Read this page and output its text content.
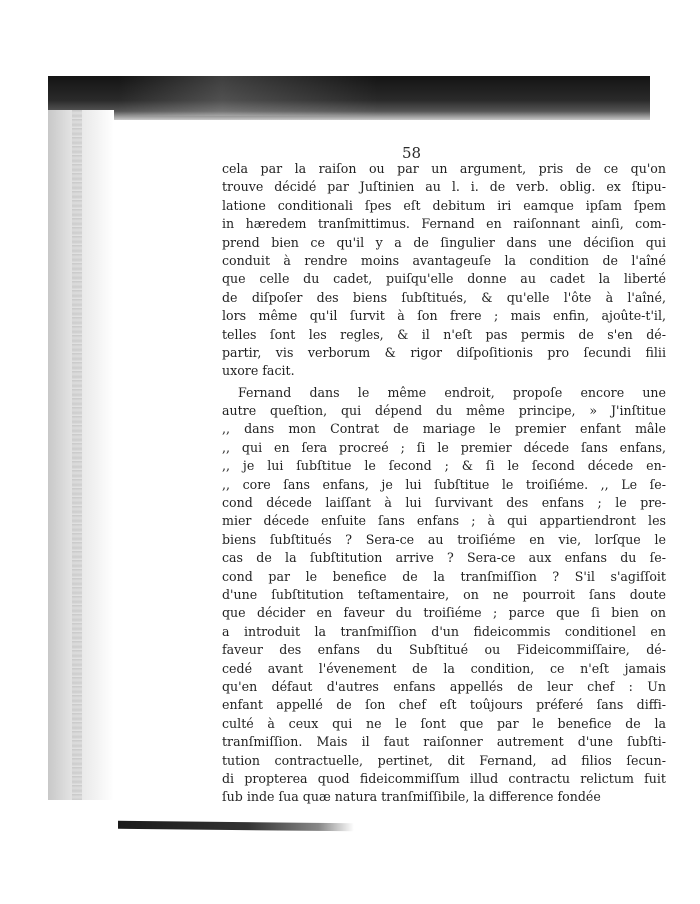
58
cela par la raiſon ou par un argument, pris de ce qu'on
trouve décidé par Juſtinien au l. i. de verb. oblig. ex ſtipu-
latione conditionali ſpes eſt debitum iri eamque ipſam ſpem
in hæredem tranſmittimus. Fernand en raiſonnant ainſi, com-
prend bien ce qu'il y a de ſingulier dans une déciſion qui
conduit à rendre moins avantageuſe la condition de l'aîné
que celle du cadet, puiſqu'elle donne au cadet la liberté
de diſpoſer des biens ſubſtitués, & qu'elle l'ôte à l'aîné,
lors même qu'il ſurvit à ſon frere ; mais enfin, ajoûte-t'il,
telles ſont les regles, & il n'eſt pas permis de s'en dé-
partir, vis verborum & rigor diſpoſitionis pro ſecundi filii
uxore facit.
Fernand dans le même endroit, propoſe encore une
autre queſtion, qui dépend du même principe, » J'inſtitue
,, dans mon Contrat de mariage le premier enfant mâle
,, qui en ſera procreé ; ſi le premier décede ſans enfans,
,, je lui ſubſtitue le ſecond ; & ſi le ſecond décede en-
,, core ſans enfans, je lui ſubſtitue le troiſiéme. ,, Le ſe-
cond décede laiſſant à lui ſurvivant des enfans ; le pre-
mier décede enſuite ſans enfans ; à qui appartiendront les
biens ſubſtitués ? Sera-ce au troiſiéme en vie, lorſque le
cas de la ſubſtitution arrive ? Sera-ce aux enfans du ſe-
cond par le benefice de la tranſmiſſion ? S'il s'agiſſoit
d'une ſubſtitution teſtamentaire, on ne pourroit ſans doute
que décider en faveur du troiſiéme ; parce que ſi bien on
a introduit la tranſmiſſion d'un fideicommis conditionel en
faveur des enfans du Subſtitué ou Fideicommiſſaire, dé-
cedé avant l'évenement de la condition, ce n'eſt jamais
qu'en défaut d'autres enfans appellés de leur chef : Un
enfant appellé de ſon chef eſt toûjours préferé ſans diffi-
culté à ceux qui ne le ſont que par le benefice de la
tranſmiſſion. Mais il faut raiſonner autrement d'une ſubſti-
tution contractuelle, pertinet, dit Fernand, ad filios ſecun-
di propterea quod fideicommiſſum illud contractu relictum fuit
ſub inde ſua quæ natura tranſmiſſibile, la difference fondée
